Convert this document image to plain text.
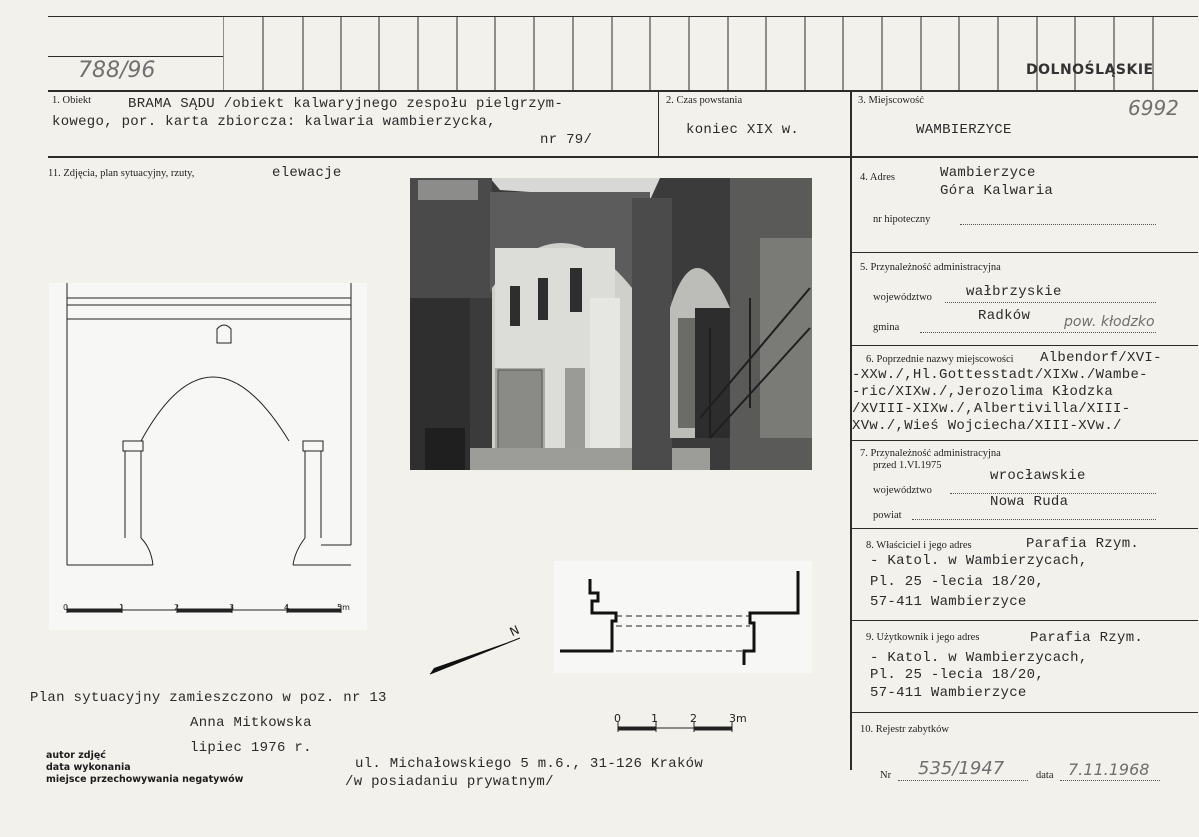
788/96	DOLNOŚLĄSKIE
1. Obiekt	BRAMA SĄDU /obiekt kalwaryjnego zespołu pielgrzym-
kowego, por. karta zbiorcza: kalwaria wambierzycka,
nr 79/
2. Czas powstania
koniec XIX w.
3. Miejscowość
WAMBIERZYCE
6992
11. Zdjęcia, plan sytuacyjny, rzuty,	elewacje
0	1	2	3	4	5m
N
0	1	2	3m
4. Adres	Wambierzyce
Góra Kalwaria
nr hipoteczny
5. Przynależność administracyjna
województwo wałbrzyskie
gmina
Radków pow. kłodzko
6. Poprzednie nazwy miejscowości Albendorf/XVI-
-XXw./,Hl.Gottesstadt/XIXw./Wambe-
-ric/XIXw./,Jerozolima Kłodzka
/XVIII-XIXw./,Albertivilla/XIII-
XVw./,Wieś Wojciecha/XIII-XVw./
7. Przynależność administracyjna
przed 1.VI.1975
województwo
wrocławskie
powiat
Nowa Ruda
8. Właściciel i jego adres	Parafia Rzym.
- Katol. w Wambierzycach,
Pl. 25 -lecia 18/20,
57-411 Wambierzyce
9. Użytkownik i jego adres	Parafia Rzym.
- Katol. w Wambierzycach,
Pl. 25 -lecia 18/20,
57-411 Wambierzyce
10. Rejestr zabytków
Nr 535/1947	data 7.11.1968
Plan sytuacyjny zamieszczono w poz. nr 13
Anna Mitkowska
lipiec 1976 r.
autor zdjęć
data wykonania
miejsce przechowywania negatywów
ul. Michałowskiego 5 m.6., 31-126 Kraków
/w posiadaniu prywatnym/
